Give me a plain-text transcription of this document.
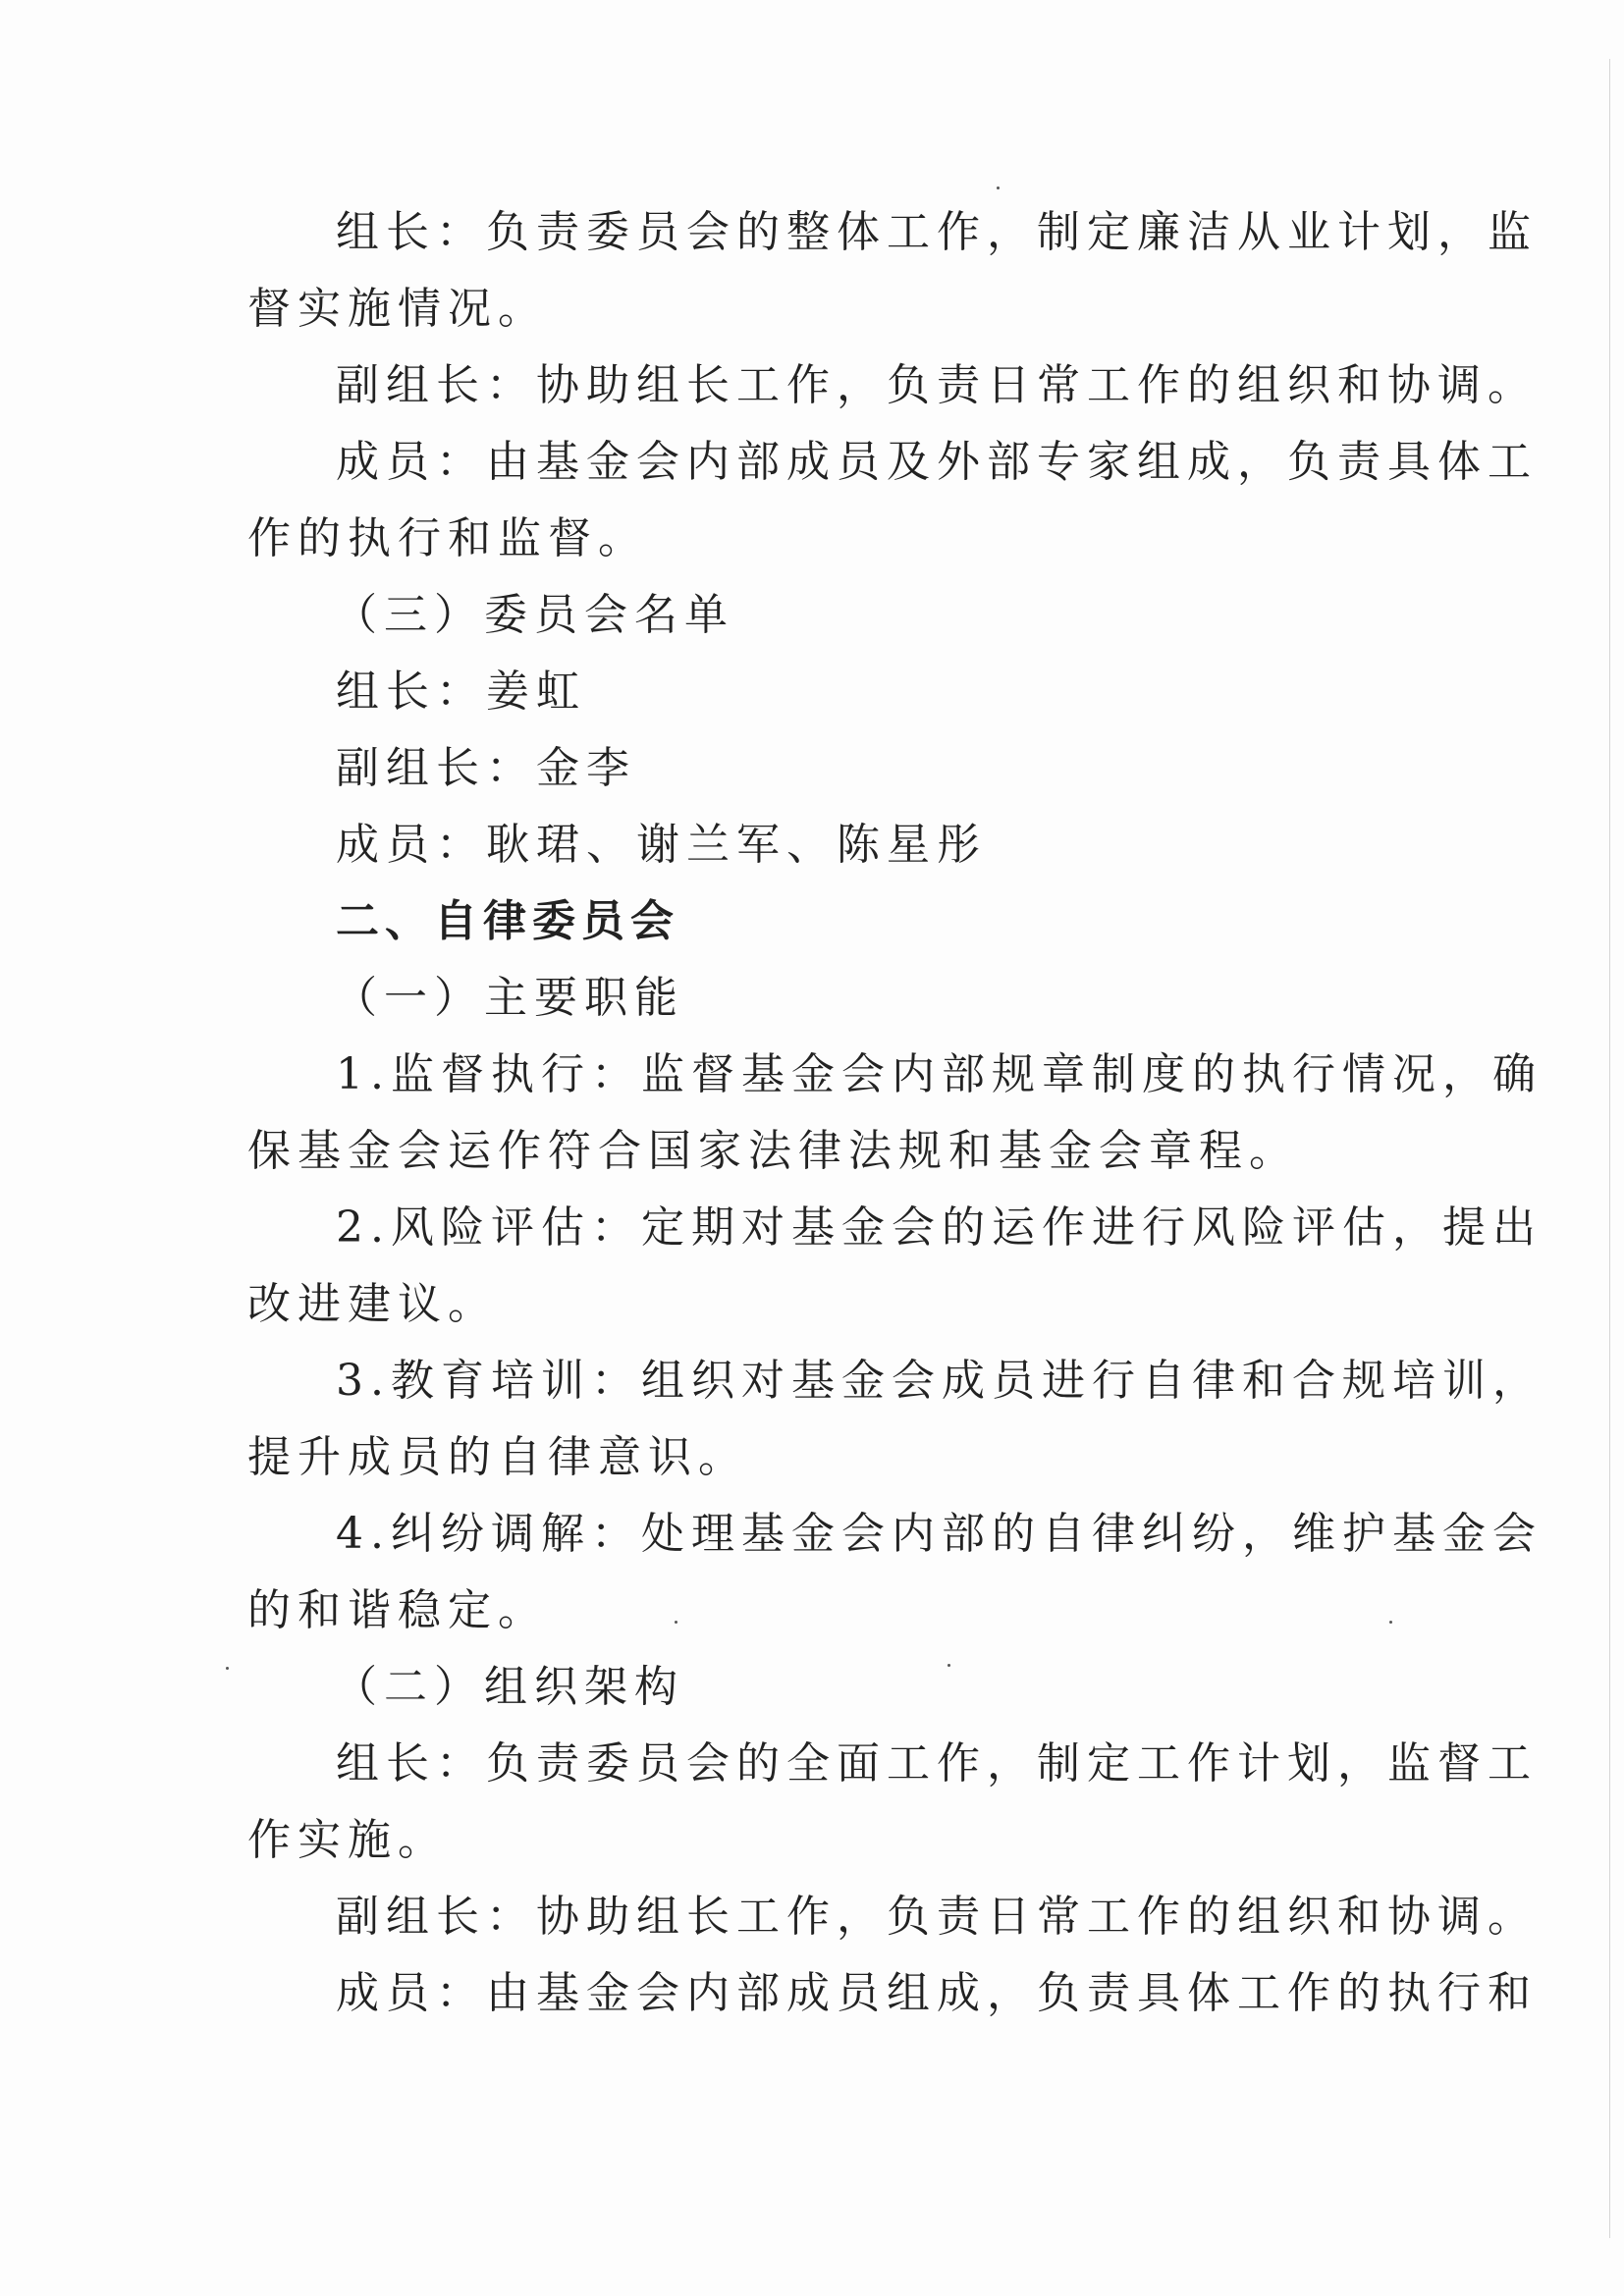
组长：负责委员会的整体工作，制定廉洁从业计划，监
督实施情况。
副组长：协助组长工作，负责日常工作的组织和协调。
成员：由基金会内部成员及外部专家组成，负责具体工
作的执行和监督。
（三）委员会名单
组长：姜虹
副组长：金李
成员：耿珺、谢兰军、陈星彤
二、自律委员会
（一）主要职能
1.监督执行：监督基金会内部规章制度的执行情况，确
保基金会运作符合国家法律法规和基金会章程。
2.风险评估：定期对基金会的运作进行风险评估，提出
改进建议。
3.教育培训：组织对基金会成员进行自律和合规培训，
提升成员的自律意识。
4.纠纷调解：处理基金会内部的自律纠纷，维护基金会
的和谐稳定。
（二）组织架构
组长：负责委员会的全面工作，制定工作计划，监督工
作实施。
副组长：协助组长工作，负责日常工作的组织和协调。
成员：由基金会内部成员组成，负责具体工作的执行和
